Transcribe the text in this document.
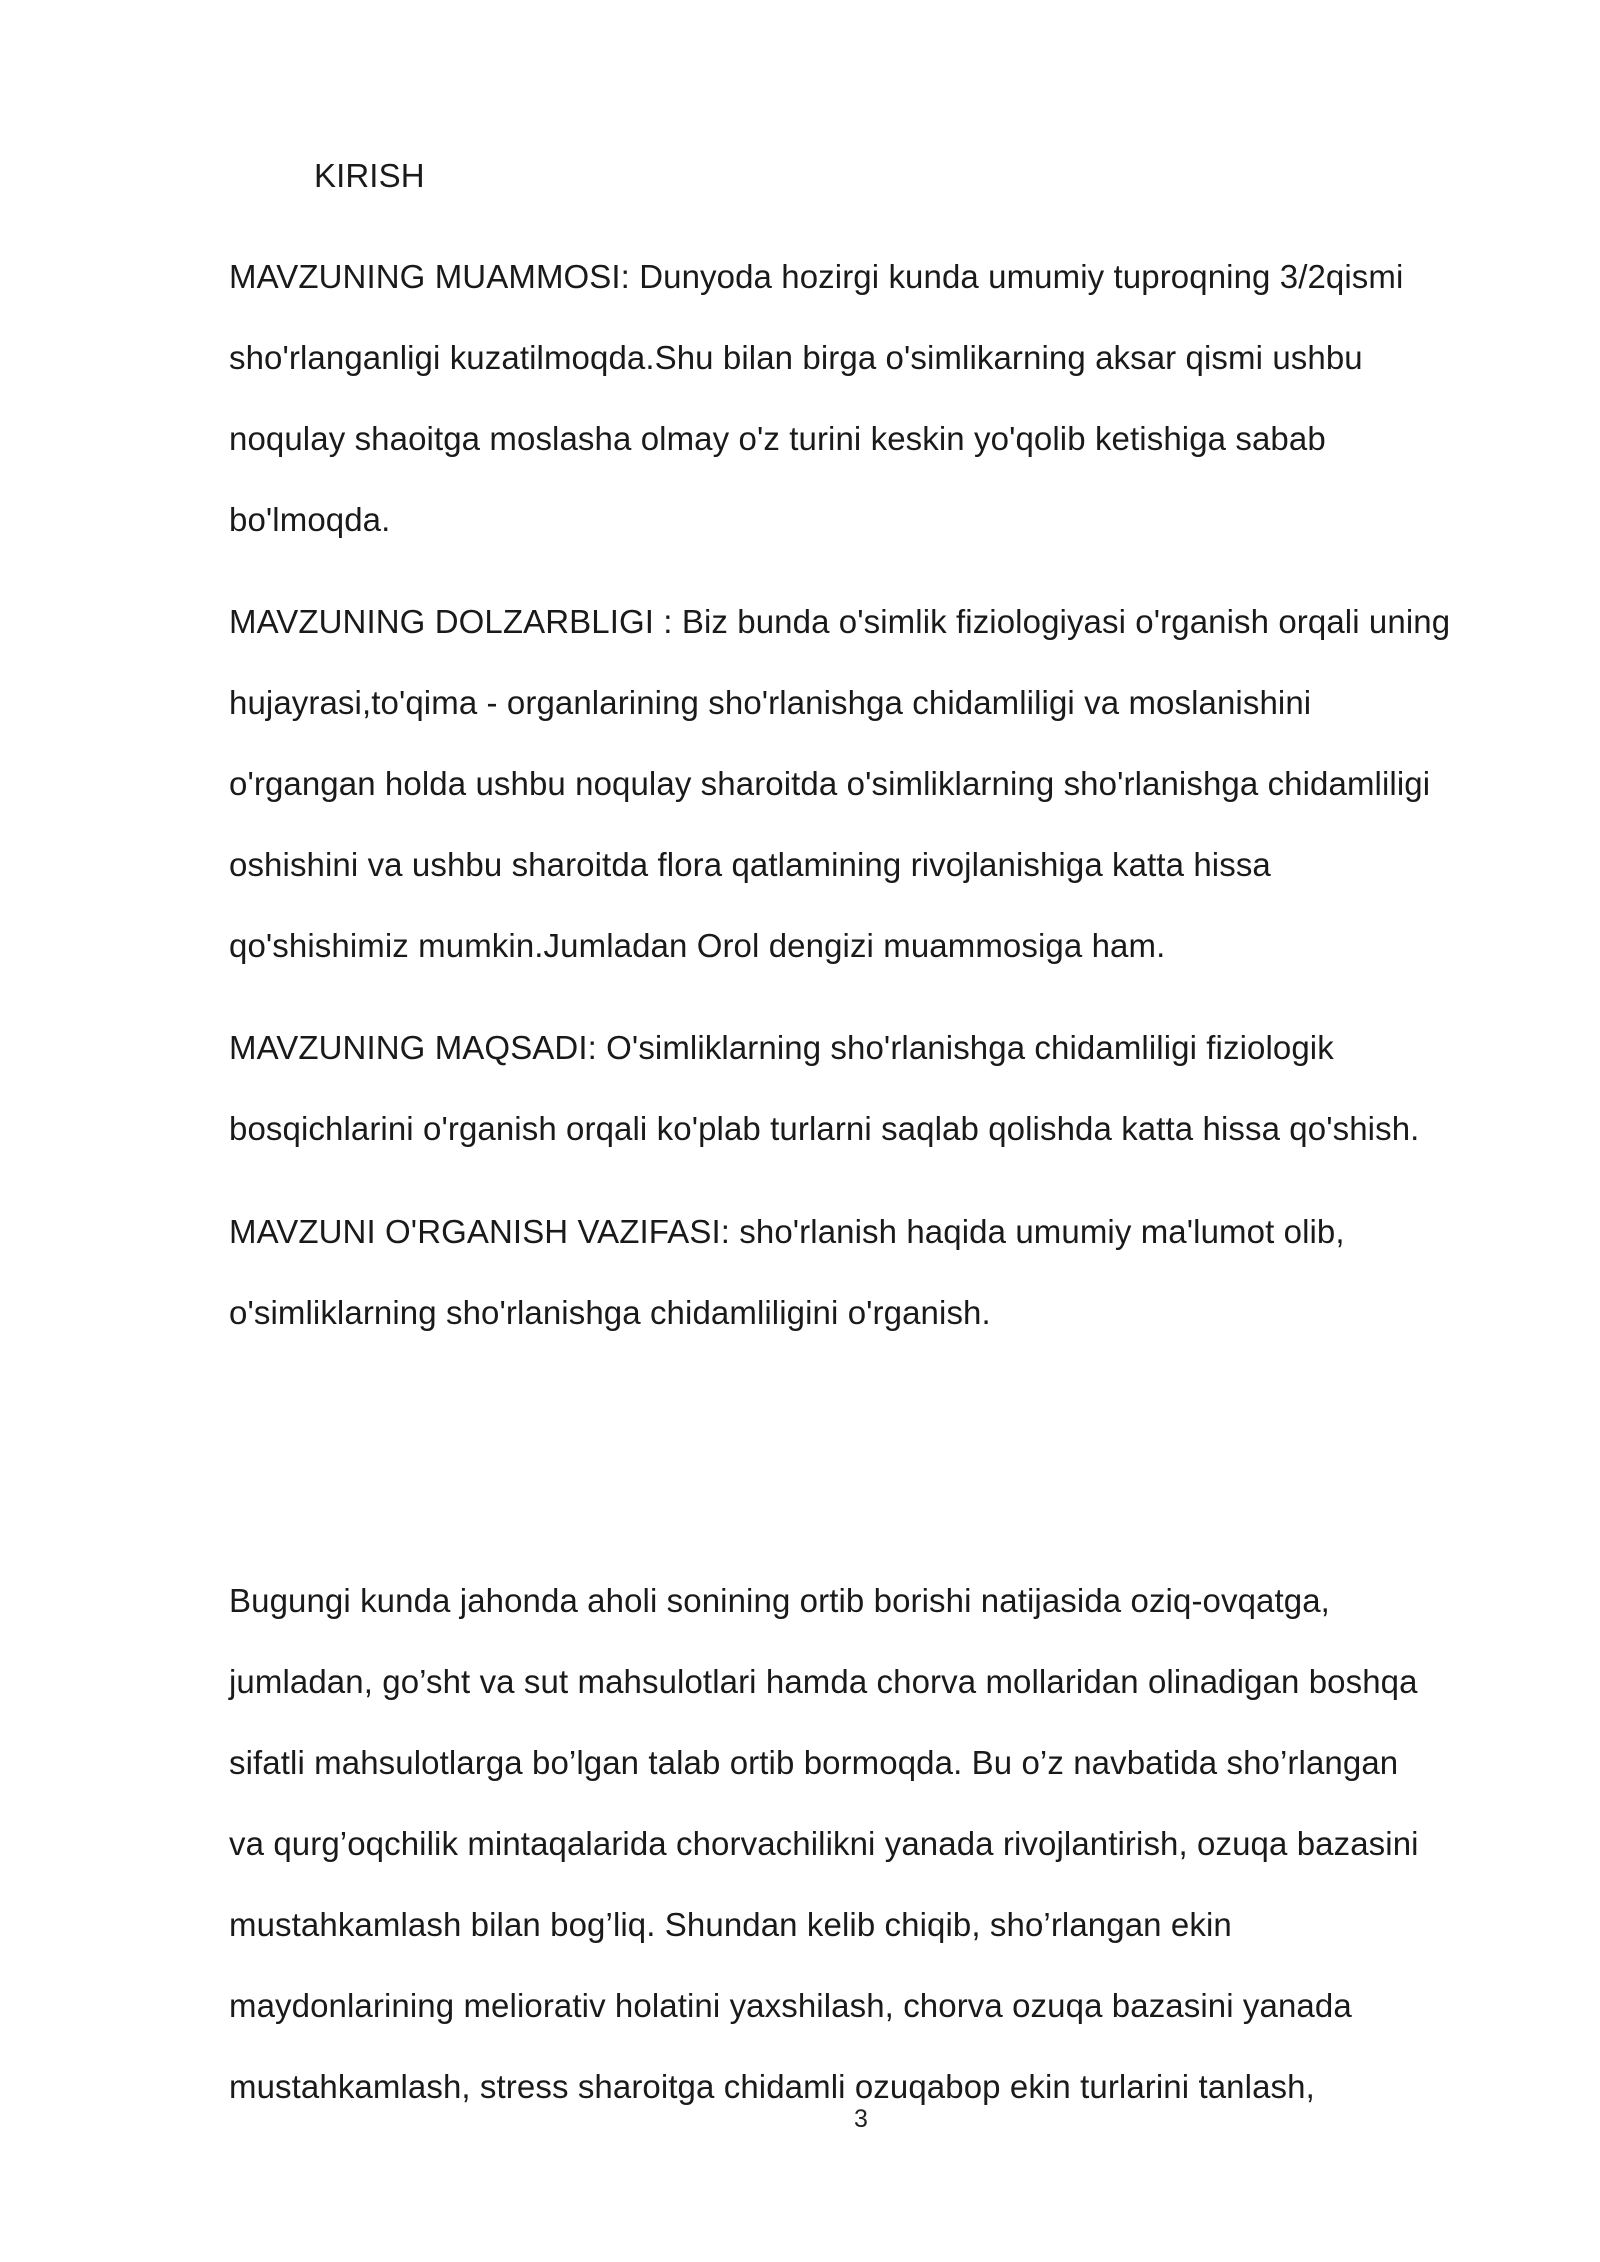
KIRISH
MAVZUNING MUAMMOSI: Dunyoda hozirgi kunda umumiy tuproqning 3/2qismi
sho'rlanganligi kuzatilmoqda.Shu bilan birga o'simlikarning aksar qismi ushbu
noqulay shaoitga moslasha olmay o'z turini keskin yo'qolib ketishiga sabab
bo'lmoqda.
MAVZUNING DOLZARBLIGI : Biz bunda o'simlik fiziologiyasi o'rganish orqali uning
hujayrasi,to'qima - organlarining sho'rlanishga chidamliligi va moslanishini
o'rgangan holda ushbu noqulay sharoitda o'simliklarning sho'rlanishga chidamliligi
oshishini va ushbu sharoitda flora qatlamining rivojlanishiga katta hissa
qo'shishimiz mumkin.Jumladan Orol dengizi muammosiga ham.
MAVZUNING MAQSADI: O'simliklarning sho'rlanishga chidamliligi fiziologik
bosqichlarini o'rganish orqali ko'plab turlarni saqlab qolishda katta hissa qo'shish.
MAVZUNI O'RGANISH VAZIFASI: sho'rlanish haqida umumiy ma'lumot olib,
o'simliklarning sho'rlanishga chidamliligini o'rganish.
Bugungi kunda jahonda aholi sonining ortib borishi natijasida oziq-ovqatga,
jumladan, go’sht va sut mahsulotlari hamda chorva mollaridan olinadigan boshqa
sifatli mahsulotlarga bo’lgan talab ortib bormoqda. Bu o’z navbatida sho’rlangan
va qurg’oqchilik mintaqalarida chorvachilikni yanada rivojlantirish, ozuqa bazasini
mustahkamlash bilan bog’liq. Shundan kelib chiqib, sho’rlangan ekin
maydonlarining meliorativ holatini yaxshilash, chorva ozuqa bazasini yanada
mustahkamlash, stress sharoitga chidamli ozuqabop ekin turlarini tanlash,
3
